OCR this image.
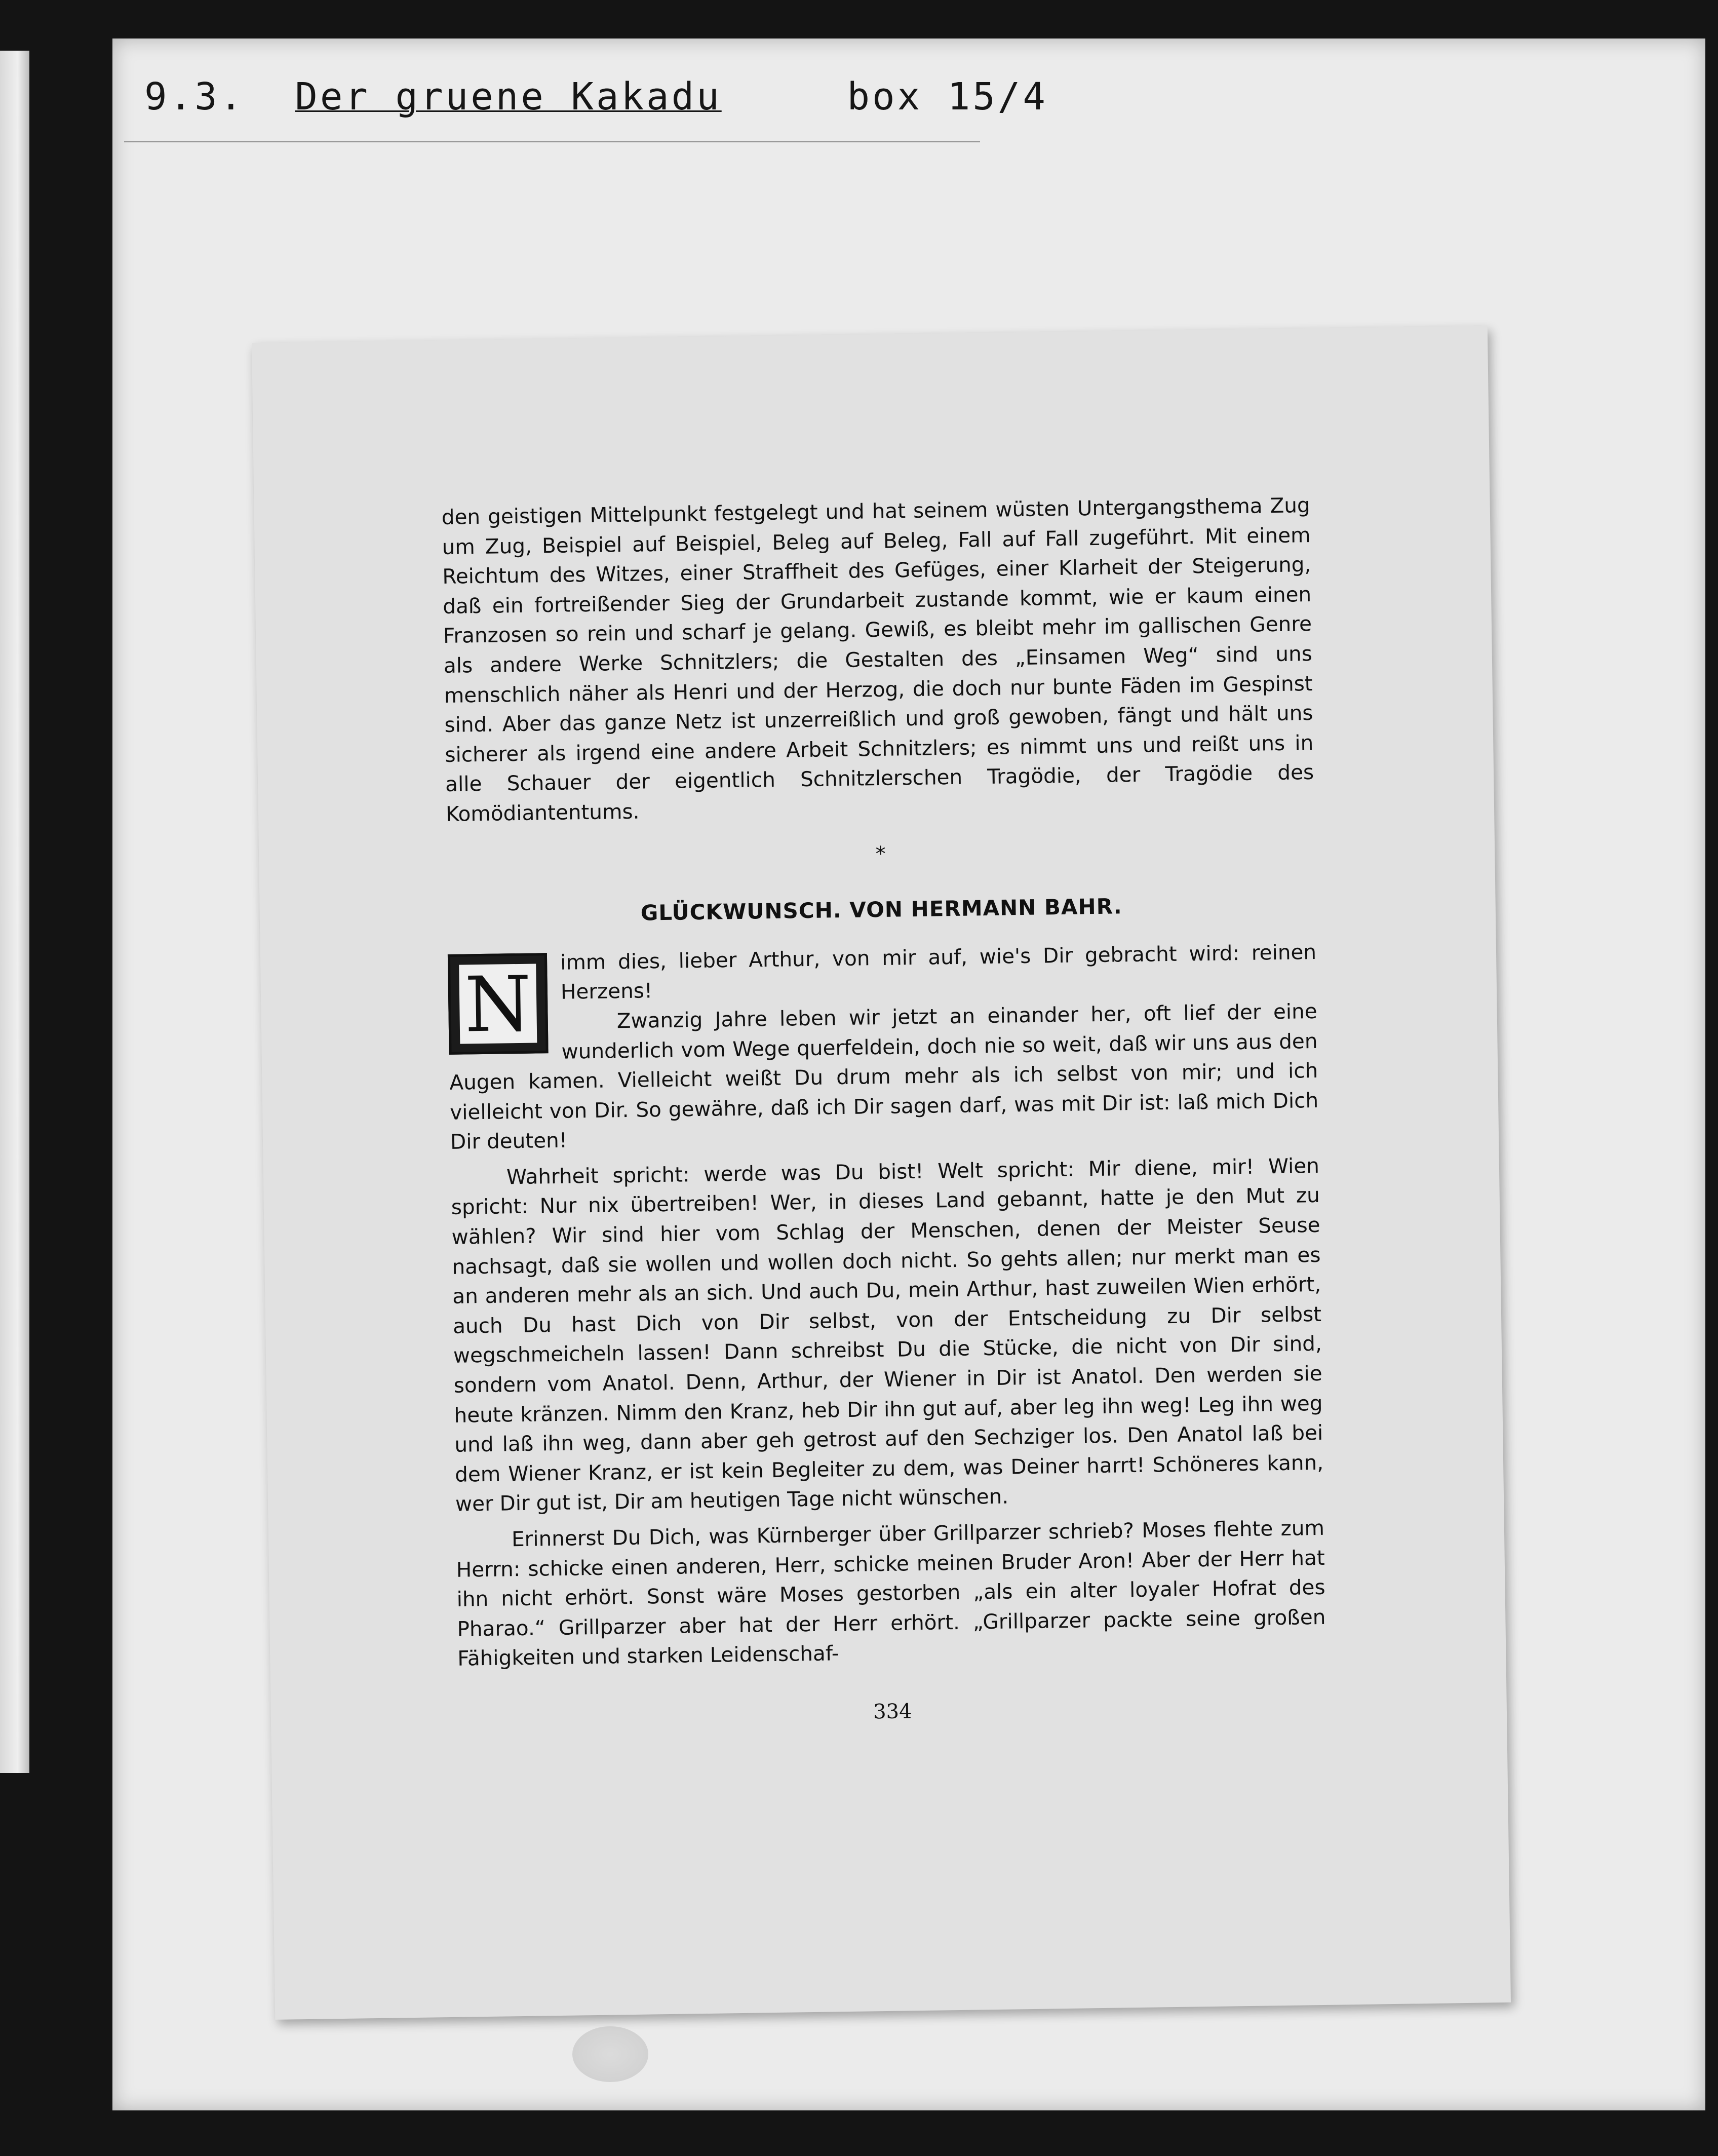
9.3. Der gruene Kakadu	box 15/4

den geistigen Mittelpunkt festgelegt und hat seinem wüsten Untergangsthema Zug um Zug, Beispiel auf Beispiel, Beleg auf Beleg, Fall auf Fall zugeführt. Mit einem Reichtum des Witzes, einer Straffheit des Gefüges, einer Klarheit der Steigerung, daß ein fortreißender Sieg der Grundarbeit zustande kommt, wie er kaum einen Franzosen so rein und scharf je gelang. Gewiß, es bleibt mehr im gallischen Genre als andere Werke Schnitzlers; die Gestalten des „Einsamen Weg“ sind uns menschlich näher als Henri und der Herzog, die doch nur bunte Fäden im Gespinst sind. Aber das ganze Netz ist unzerreißlich und groß gewoben, fängt und hält uns sicherer als irgend eine andere Arbeit Schnitzlers; es nimmt uns und reißt uns in alle Schauer der eigentlich Schnitzlerschen Tragödie, der Tragödie des Komödiantentums.

*
GLÜCKWUNSCH. VON HERMANN BAHR.
N

imm dies, lieber Arthur, von mir auf, wie's Dir gebracht wird: reinen Herzens!

Zwanzig Jahre leben wir jetzt an einander her, oft lief der eine wunderlich vom Wege querfeldein, doch nie so weit, daß wir uns aus den Augen kamen. Vielleicht weißt Du drum mehr als ich selbst von mir; und ich vielleicht von Dir. So gewähre, daß ich Dir sagen darf, was mit Dir ist: laß mich Dich Dir deuten!

Wahrheit spricht: werde was Du bist! Welt spricht: Mir diene, mir! Wien spricht: Nur nix übertreiben! Wer, in dieses Land gebannt, hatte je den Mut zu wählen? Wir sind hier vom Schlag der Menschen, denen der Meister Seuse nachsagt, daß sie wollen und wollen doch nicht. So gehts allen; nur merkt man es an anderen mehr als an sich. Und auch Du, mein Arthur, hast zuweilen Wien erhört, auch Du hast Dich von Dir selbst, von der Entscheidung zu Dir selbst wegschmeicheln lassen! Dann schreibst Du die Stücke, die nicht von Dir sind, sondern vom Anatol. Denn, Arthur, der Wiener in Dir ist Anatol. Den werden sie heute kränzen. Nimm den Kranz, heb Dir ihn gut auf, aber leg ihn weg! Leg ihn weg und laß ihn weg, dann aber geh getrost auf den Sechziger los. Den Anatol laß bei dem Wiener Kranz, er ist kein Begleiter zu dem, was Deiner harrt! Schöneres kann, wer Dir gut ist, Dir am heutigen Tage nicht wünschen.

Erinnerst Du Dich, was Kürnberger über Grillparzer schrieb? Moses flehte zum Herrn: schicke einen anderen, Herr, schicke meinen Bruder Aron! Aber der Herr hat ihn nicht erhört. Sonst wäre Moses gestorben „als ein alter loyaler Hofrat des Pharao.“ Grillparzer aber hat der Herr erhört. „Grillparzer packte seine großen Fähigkeiten und starken Leidenschaf-

334
